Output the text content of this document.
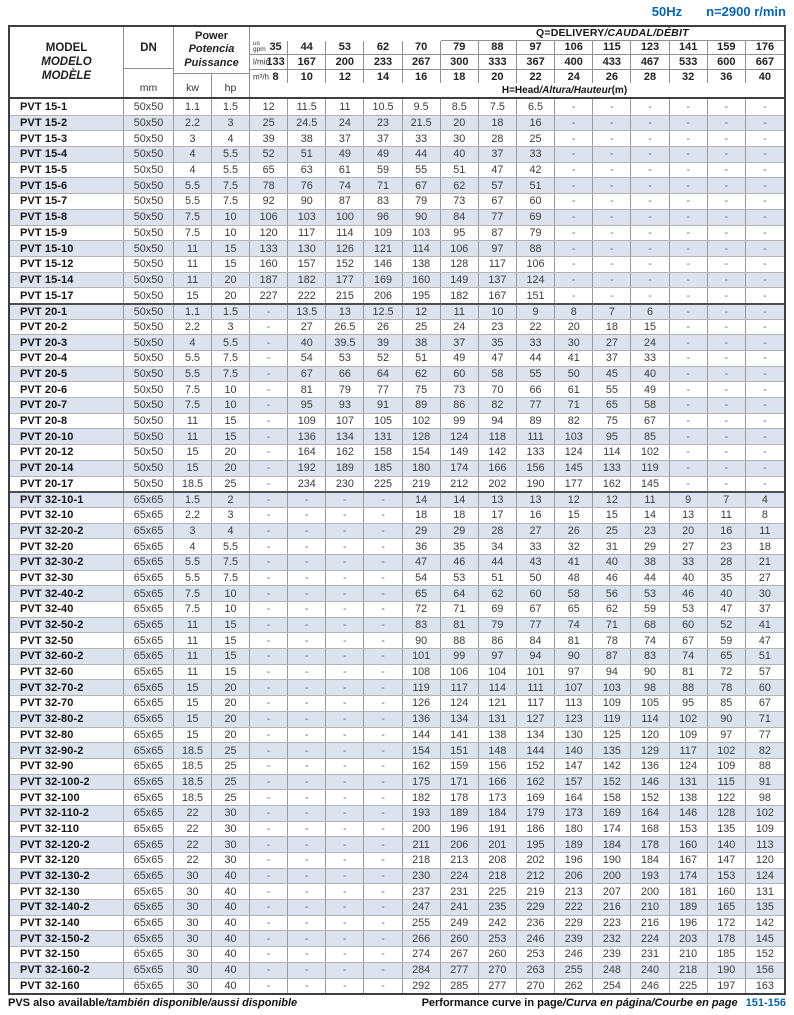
50Hz n=2900 r/min
MODEL
MODELO
MODÈLE
DN
mm
Power
Potencia
Puissance
kw	hp
Q=DELIVERY /CAUDAL/DÉBIT
us
gpm 35	44	53	62	70	79	88	97	106	115	123	141	159	176
l/min
133	167	200	233	267	300	333	367	400	433	467	533	600	667
m³/h 8	10	12	14	16	18	20	22	24	26	28	32	36	40
H=Head /Altura/Hauteur (m)
PVT 15-1	50x50	1.1	1.5	12	11.5	11	10.5	9.5	8.5	7.5	6.5	-	-	-	-	-	-
PVT 15-2	50x50	2.2	3	25	24.5	24	23	21.5	20	18	16	-	-	-	-	-	-
PVT 15-3	50x50	3	4	39	38	37	37	33	30	28	25	-	-	-	-	-	-
PVT 15-4	50x50	4	5.5	52	51	49	49	44	40	37	33	-	-	-	-	-	-
PVT 15-5	50x50	4	5.5	65	63	61	59	55	51	47	42	-	-	-	-	-	-
PVT 15-6	50x50	5.5	7.5	78	76	74	71	67	62	57	51	-	-	-	-	-	-
PVT 15-7	50x50	5.5	7.5	92	90	87	83	79	73	67	60	-	-	-	-	-	-
PVT 15-8	50x50	7.5	10	106	103	100	96	90	84	77	69	-	-	-	-	-	-
PVT 15-9	50x50	7.5	10	120	117	114	109	103	95	87	79	-	-	-	-	-	-
PVT 15-10	50x50	11	15	133	130	126	121	114	106	97	88	-	-	-	-	-	-
PVT 15-12	50x50	11	15	160	157	152	146	138	128	117	106	-	-	-	-	-	-
PVT 15-14	50x50	11	20	187	182	177	169	160	149	137	124	-	-	-	-	-	-
PVT 15-17	50x50	15	20	227	222	215	206	195	182	167	151	-	-	-	-	-	-
PVT 20-1	50x50	1.1	1.5	-	13.5	13	12.5	12	11	10	9	8	7	6	-	-	-
PVT 20-2	50x50	2.2	3	-	27	26.5	26	25	24	23	22	20	18	15	-	-	-
PVT 20-3	50x50	4	5.5	-	40	39.5	39	38	37	35	33	30	27	24	-	-	-
PVT 20-4	50x50	5.5	7.5	-	54	53	52	51	49	47	44	41	37	33	-	-	-
PVT 20-5	50x50	5.5	7.5	-	67	66	64	62	60	58	55	50	45	40	-	-	-
PVT 20-6	50x50	7.5	10	-	81	79	77	75	73	70	66	61	55	49	-	-	-
PVT 20-7	50x50	7.5	10	-	95	93	91	89	86	82	77	71	65	58	-	-	-
PVT 20-8	50x50	11	15	-	109	107	105	102	99	94	89	82	75	67	-	-	-
PVT 20-10	50x50	11	15	-	136	134	131	128	124	118	111	103	95	85	-	-	-
PVT 20-12	50x50	15	20	-	164	162	158	154	149	142	133	124	114	102	-	-	-
PVT 20-14	50x50	15	20	-	192	189	185	180	174	166	156	145	133	119	-	-	-
PVT 20-17	50x50	18.5	25	-	234	230	225	219	212	202	190	177	162	145	-	-	-
PVT 32-10-1	65x65	1.5	2	-	-	-	-	14	14	13	13	12	12	11	9	7	4
PVT 32-10	65x65	2.2	3	-	-	-	-	18	18	17	16	15	15	14	13	11	8
PVT 32-20-2	65x65	3	4	-	-	-	-	29	29	28	27	26	25	23	20	16	11
PVT 32-20	65x65	4	5.5	-	-	-	-	36	35	34	33	32	31	29	27	23	18
PVT 32-30-2	65x65	5.5	7.5	-	-	-	-	47	46	44	43	41	40	38	33	28	21
PVT 32-30	65x65	5.5	7.5	-	-	-	-	54	53	51	50	48	46	44	40	35	27
PVT 32-40-2	65x65	7.5	10	-	-	-	-	65	64	62	60	58	56	53	46	40	30
PVT 32-40	65x65	7.5	10	-	-	-	-	72	71	69	67	65	62	59	53	47	37
PVT 32-50-2	65x65	11	15	-	-	-	-	83	81	79	77	74	71	68	60	52	41
PVT 32-50	65x65	11	15	-	-	-	-	90	88	86	84	81	78	74	67	59	47
PVT 32-60-2	65x65	11	15	-	-	-	-	101	99	97	94	90	87	83	74	65	51
PVT 32-60	65x65	11	15	-	-	-	-	108	106	104	101	97	94	90	81	72	57
PVT 32-70-2	65x65	15	20	-	-	-	-	119	117	114	111	107	103	98	88	78	60
PVT 32-70	65x65	15	20	-	-	-	-	126	124	121	117	113	109	105	95	85	67
PVT 32-80-2	65x65	15	20	-	-	-	-	136	134	131	127	123	119	114	102	90	71
PVT 32-80	65x65	15	20	-	-	-	-	144	141	138	134	130	125	120	109	97	77
PVT 32-90-2	65x65	18.5	25	-	-	-	-	154	151	148	144	140	135	129	117	102	82
PVT 32-90	65x65	18.5	25	-	-	-	-	162	159	156	152	147	142	136	124	109	88
PVT 32-100-2	65x65	18.5	25	-	-	-	-	175	171	166	162	157	152	146	131	115	91
PVT 32-100	65x65	18.5	25	-	-	-	-	182	178	173	169	164	158	152	138	122	98
PVT 32-110-2	65x65	22	30	-	-	-	-	193	189	184	179	173	169	164	146	128	102
PVT 32-110	65x65	22	30	-	-	-	-	200	196	191	186	180	174	168	153	135	109
PVT 32-120-2	65x65	22	30	-	-	-	-	211	206	201	195	189	184	178	160	140	113
PVT 32-120	65x65	22	30	-	-	-	-	218	213	208	202	196	190	184	167	147	120
PVT 32-130-2	65x65	30	40	-	-	-	-	230	224	218	212	206	200	193	174	153	124
PVT 32-130	65x65	30	40	-	-	-	-	237	231	225	219	213	207	200	181	160	131
PVT 32-140-2	65x65	30	40	-	-	-	-	247	241	235	229	222	216	210	189	165	135
PVT 32-140	65x65	30	40	-	-	-	-	255	249	242	236	229	223	216	196	172	142
PVT 32-150-2	65x65	30	40	-	-	-	-	266	260	253	246	239	232	224	203	178	145
PVT 32-150	65x65	30	40	-	-	-	-	274	267	260	253	246	239	231	210	185	152
PVT 32-160-2	65x65	30	40	-	-	-	-	284	277	270	263	255	248	240	218	190	156
PVT 32-160	65x65	30	40	-	-	-	-	292	285	277	270	262	254	246	225	197	163
PVS also available/también disponible/aussi disponible	Performance curve in page/Curva en página/Courbe en page 151-156
